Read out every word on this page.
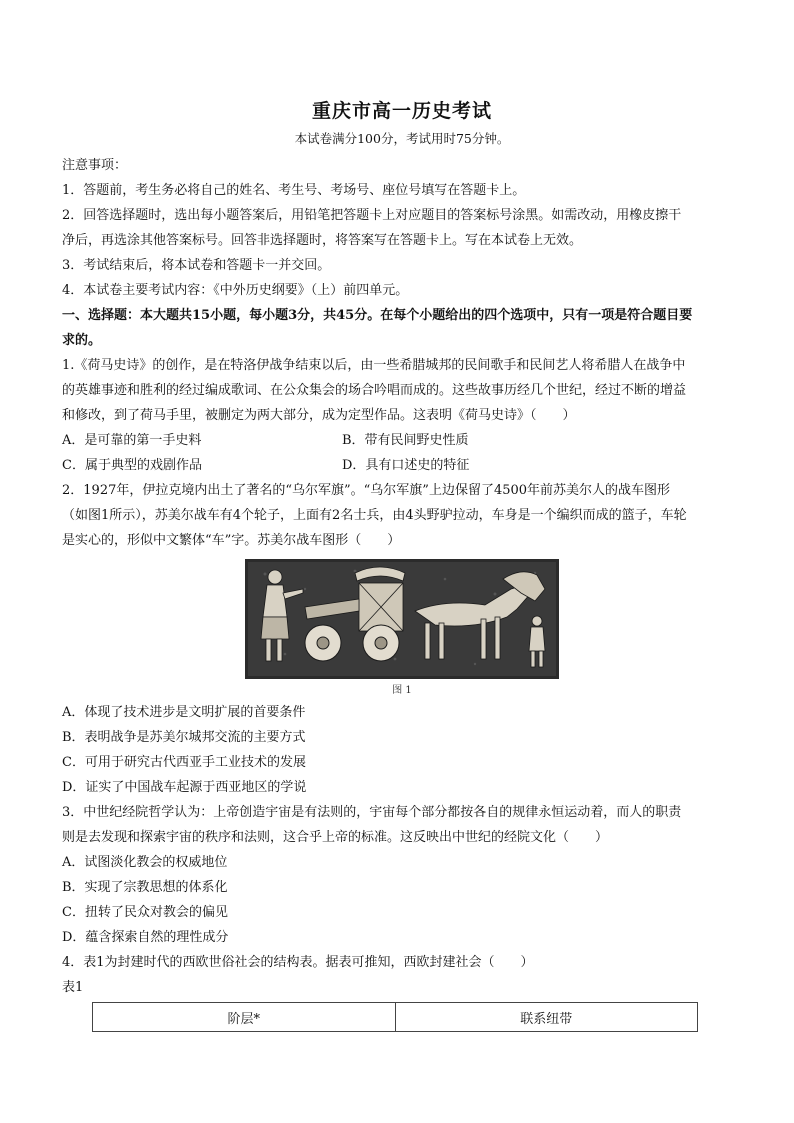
重庆市高一历史考试
本试卷满分100分，考试用时75分钟。

注意事项：

1．答题前，考生务必将自己的姓名、考生号、考场号、座位号填写在答题卡上。

2．回答选择题时，选出每小题答案后，用铅笔把答题卡上对应题目的答案标号涂黑。如需改动，用橡皮擦干

净后，再选涂其他答案标号。回答非选择题时，将答案写在答题卡上。写在本试卷上无效。

3．考试结束后，将本试卷和答题卡一并交回。

4．本试卷主要考试内容：《中外历史纲要》（上）前四单元。

一、选择题：本大题共15小题，每小题3分，共45分。在每个小题给出的四个选项中，只有一项是符合题目要

求的。

1.《荷马史诗》的创作，是在特洛伊战争结束以后，由一些希腊城邦的民间歌手和民间艺人将希腊人在战争中

的英雄事迹和胜利的经过编成歌词、在公众集会的场合吟唱而成的。这些故事历经几个世纪，经过不断的增益

和修改，到了荷马手里，被删定为两大部分，成为定型作品。这表明《荷马史诗》（　　）

A．是可靠的第一手史料	B．带有民间野史性质

C．属于典型的戏剧作品	D．具有口述史的特征

2．1927年，伊拉克境内出土了著名的“乌尔军旗”。“乌尔军旗”上边保留了4500年前苏美尔人的战车图形

（如图1所示），苏美尔战车有4个轮子，上面有2名士兵，由4头野驴拉动，车身是一个编织而成的篮子，车轮

是实心的，形似中文繁体“车”字。苏美尔战车图形（　　）

图 1

A．体现了技术进步是文明扩展的首要条件

B．表明战争是苏美尔城邦交流的主要方式

C．可用于研究古代西亚手工业技术的发展

D．证实了中国战车起源于西亚地区的学说

3．中世纪经院哲学认为：上帝创造宇宙是有法则的，宇宙每个部分都按各自的规律永恒运动着，而人的职责

则是去发现和探索宇宙的秩序和法则，这合乎上帝的标准。这反映出中世纪的经院文化（　　）

A．试图淡化教会的权威地位

B．实现了宗教思想的体系化

C．扭转了民众对教会的偏见

D．蕴含探索自然的理性成分

4．表1为封建时代的西欧世俗社会的结构表。据表可推知，西欧封建社会（　　）

表1

阶层*	联系纽带
